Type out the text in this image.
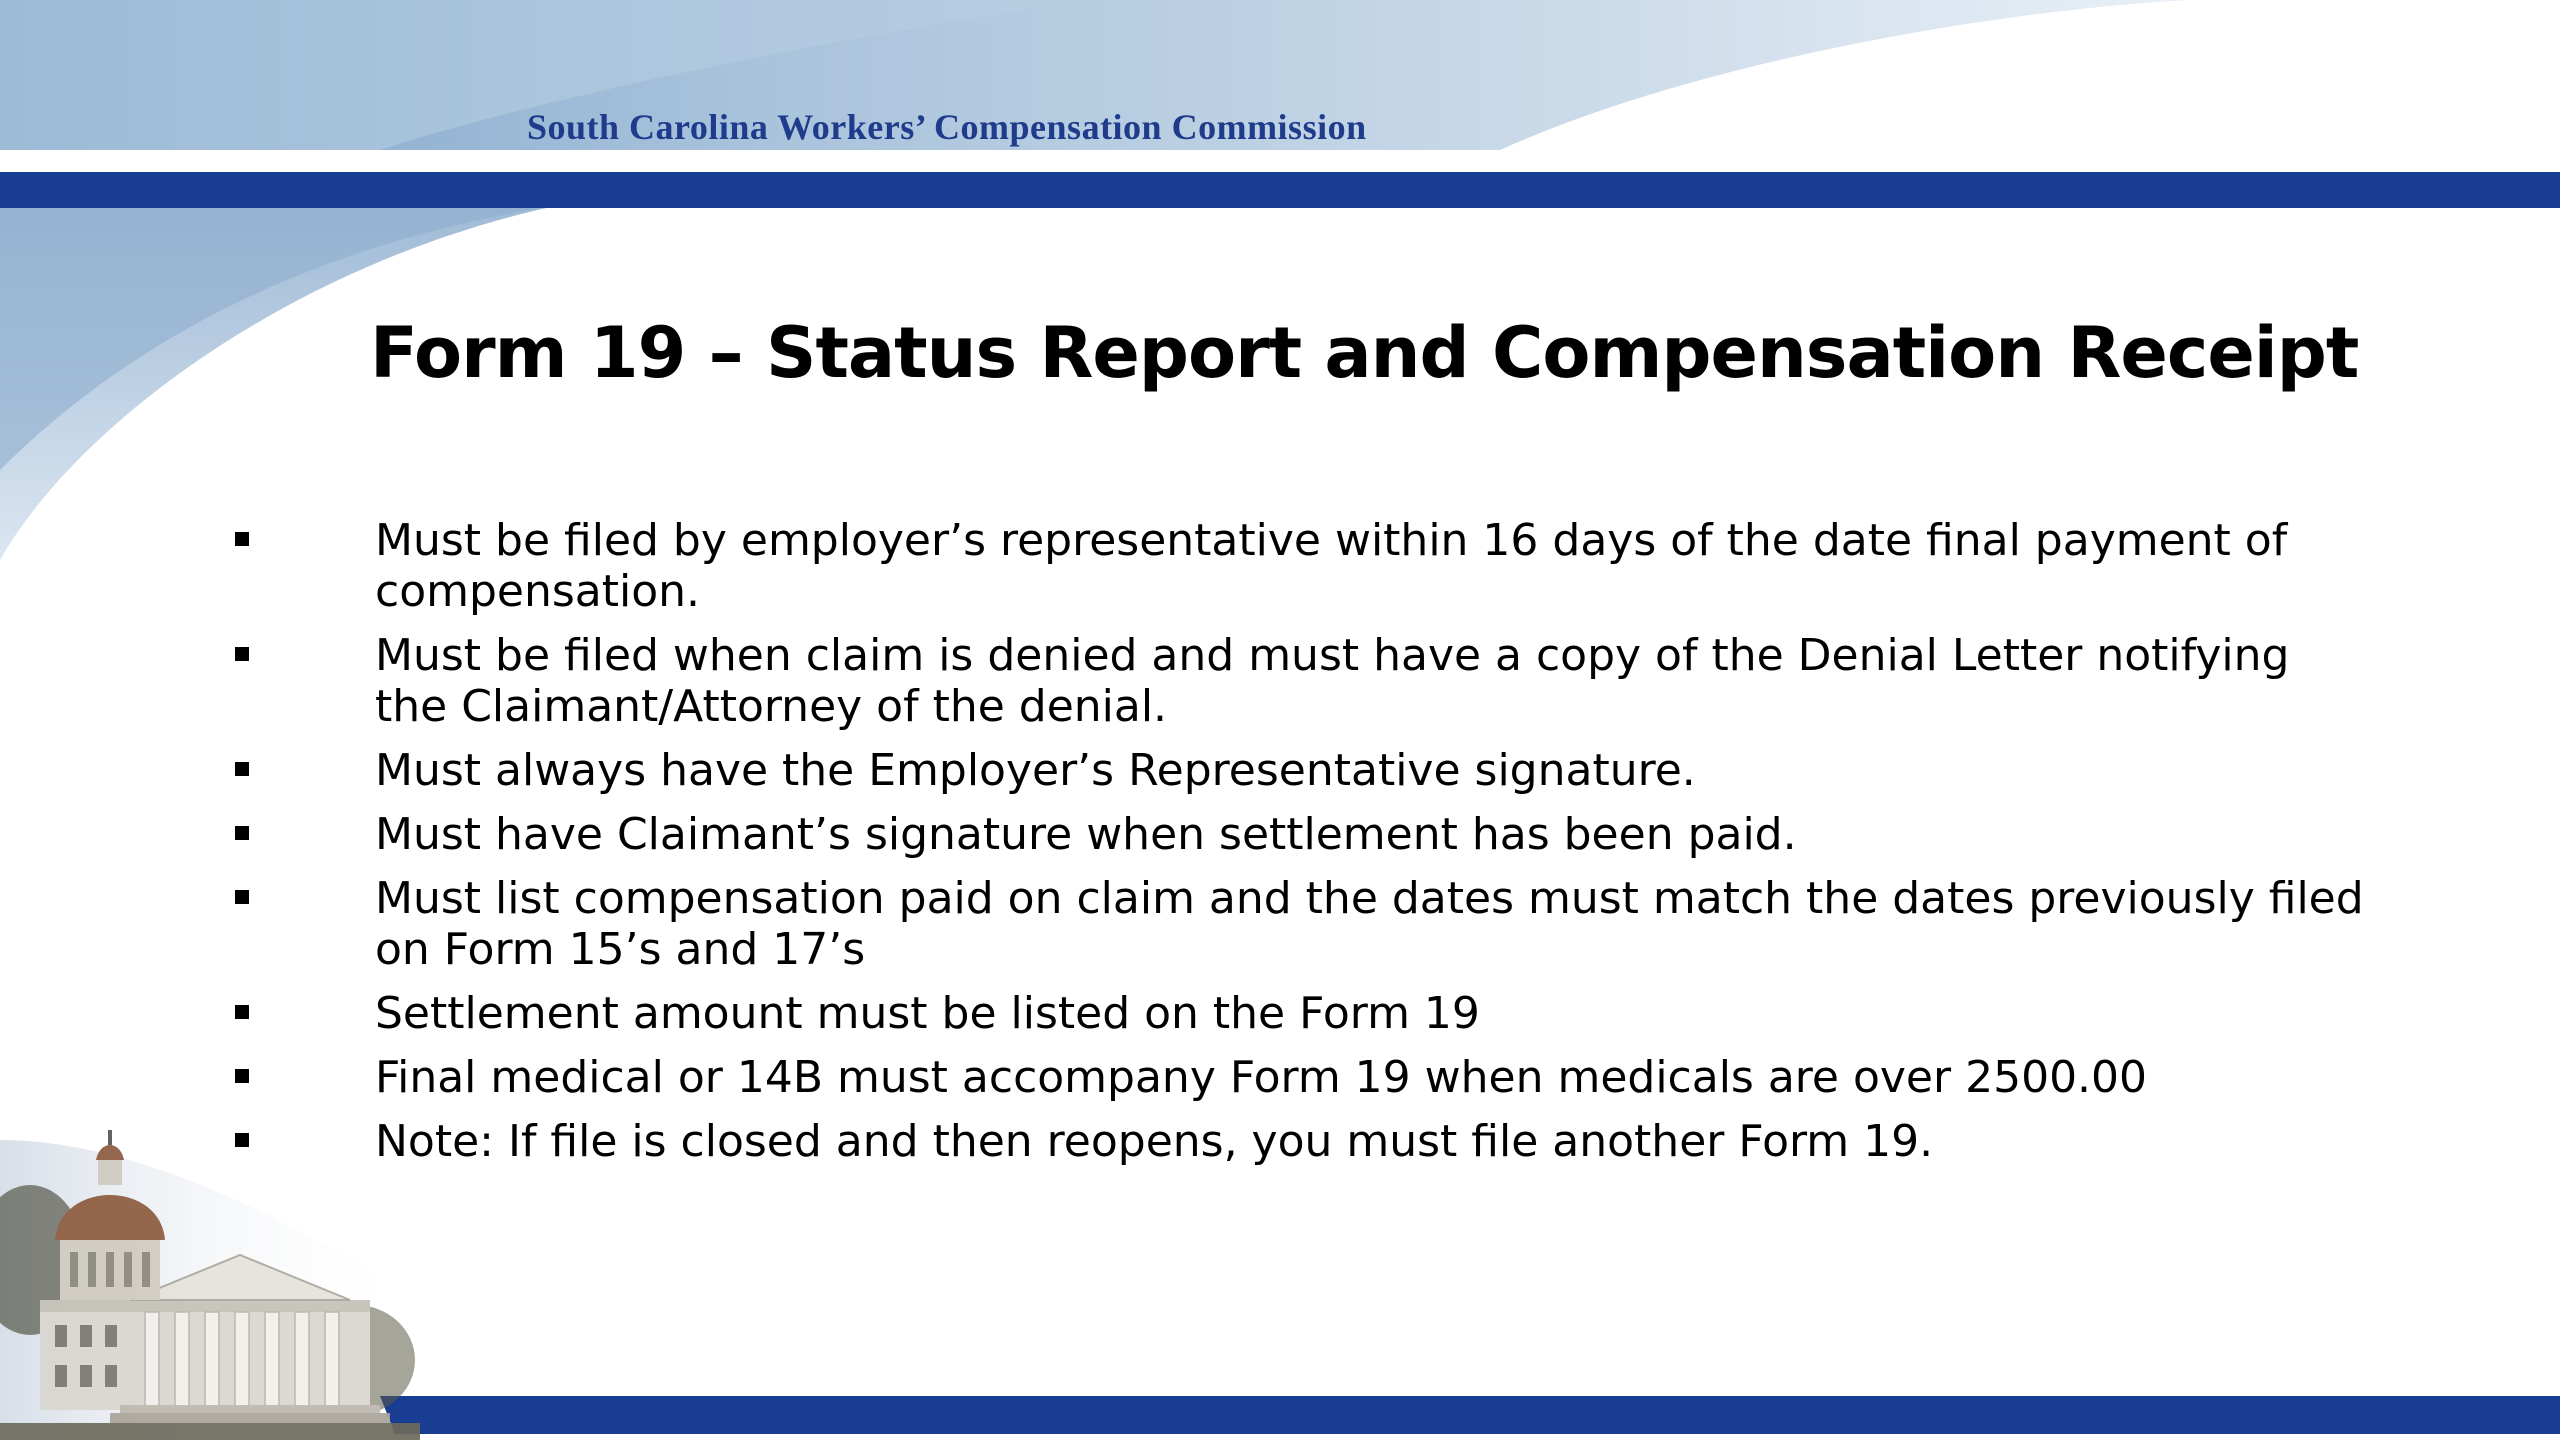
South Carolina Workers’ Compensation Commission
Form 19 – Status Report and Compensation Receipt
Must be filed by employer’s representative within 16 days of the date final payment of compensation.
Must be filed when claim is denied and must have a copy of the Denial Letter notifying the Claimant/Attorney of the denial.
Must always have the Employer’s Representative signature.
Must have Claimant’s signature when settlement has been paid.
Must list compensation paid on claim and the dates must match the dates previously filed on Form 15’s and 17’s
Settlement amount must be listed on the Form 19
Final medical or 14B must accompany Form 19 when medicals are over 2500.00
Note: If file is closed and then reopens, you must file another Form 19.
